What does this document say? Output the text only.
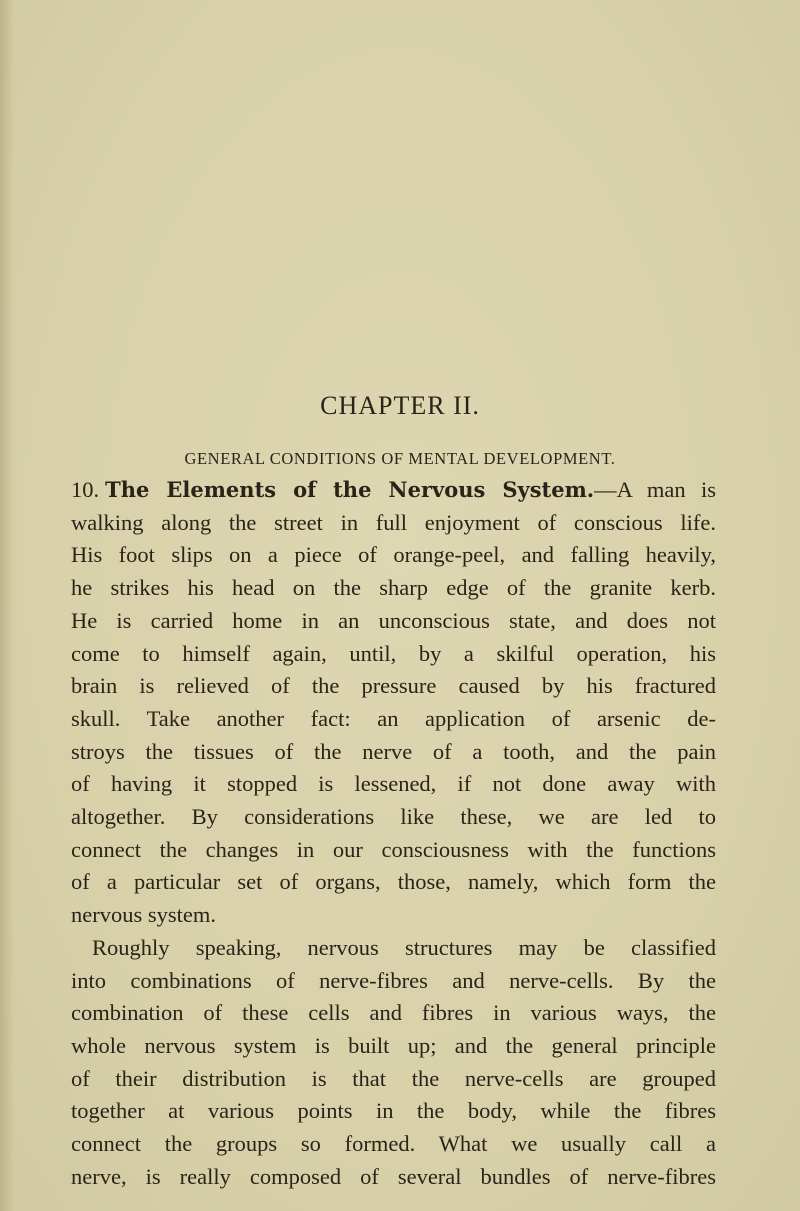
CHAPTER II.
GENERAL CONDITIONS OF MENTAL DEVELOPMENT.

10. The Elements of the Nervous System.—A man is
walking along the street in full enjoyment of conscious life.
His foot slips on a piece of orange-peel, and falling heavily,
he strikes his head on the sharp edge of the granite kerb.
He is carried home in an unconscious state, and does not
come to himself again, until, by a skilful operation, his
brain is relieved of the pressure caused by his fractured
skull. Take another fact: an application of arsenic de-
stroys the tissues of the nerve of a tooth, and the pain
of having it stopped is lessened, if not done away with
altogether. By considerations like these, we are led to
connect the changes in our consciousness with the functions
of a particular set of organs, those, namely, which form the
nervous system.

Roughly speaking, nervous structures may be classified
into combinations of nerve-fibres and nerve-cells. By the
combination of these cells and fibres in various ways, the
whole nervous system is built up; and the general principle
of their distribution is that the nerve-cells are grouped
together at various points in the body, while the fibres
connect the groups so formed. What we usually call a
nerve, is really composed of several bundles of nerve-fibres
